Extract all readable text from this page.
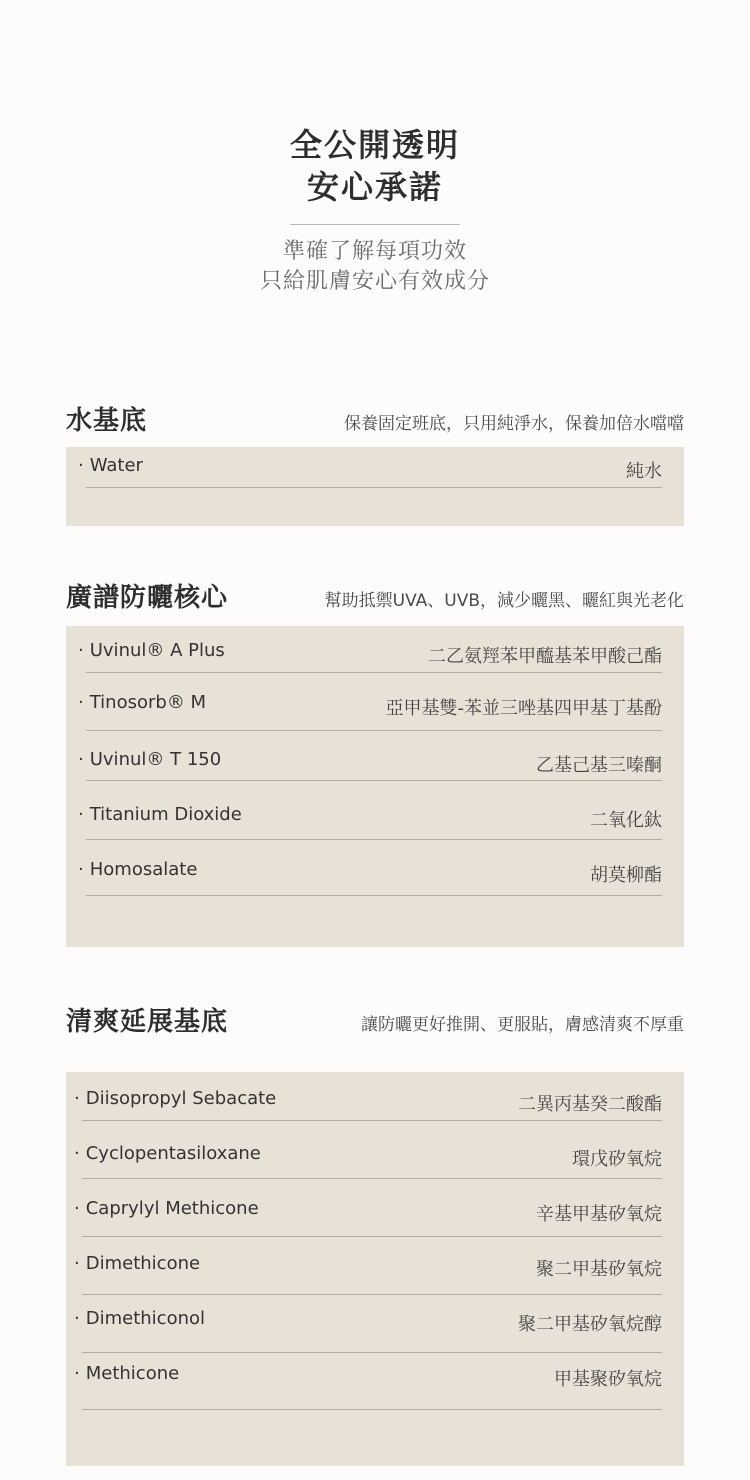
全公開透明
安心承諾
準確了解每項功效
只給肌膚安心有效成分
水基底	保養固定班底，只用純淨水，保養加倍水噹噹
· Water	純水
廣譜防曬核心	幫助抵禦UVA、UVB，減少曬黑、曬紅與光老化
· Uvinul® A Plus	二乙氨羥苯甲醯基苯甲酸己酯
· Tinosorb® M	亞甲基雙-苯並三唑基四甲基丁基酚
· Uvinul® T 150	乙基己基三嗪酮
· Titanium Dioxide	二氧化鈦
· Homosalate	胡莫柳酯
清爽延展基底	讓防曬更好推開、更服貼，膚感清爽不厚重
· Diisopropyl Sebacate	二異丙基癸二酸酯
· Cyclopentasiloxane	環戊矽氧烷
· Caprylyl Methicone	辛基甲基矽氧烷
· Dimethicone	聚二甲基矽氧烷
· Dimethiconol	聚二甲基矽氧烷醇
· Methicone	甲基聚矽氧烷
